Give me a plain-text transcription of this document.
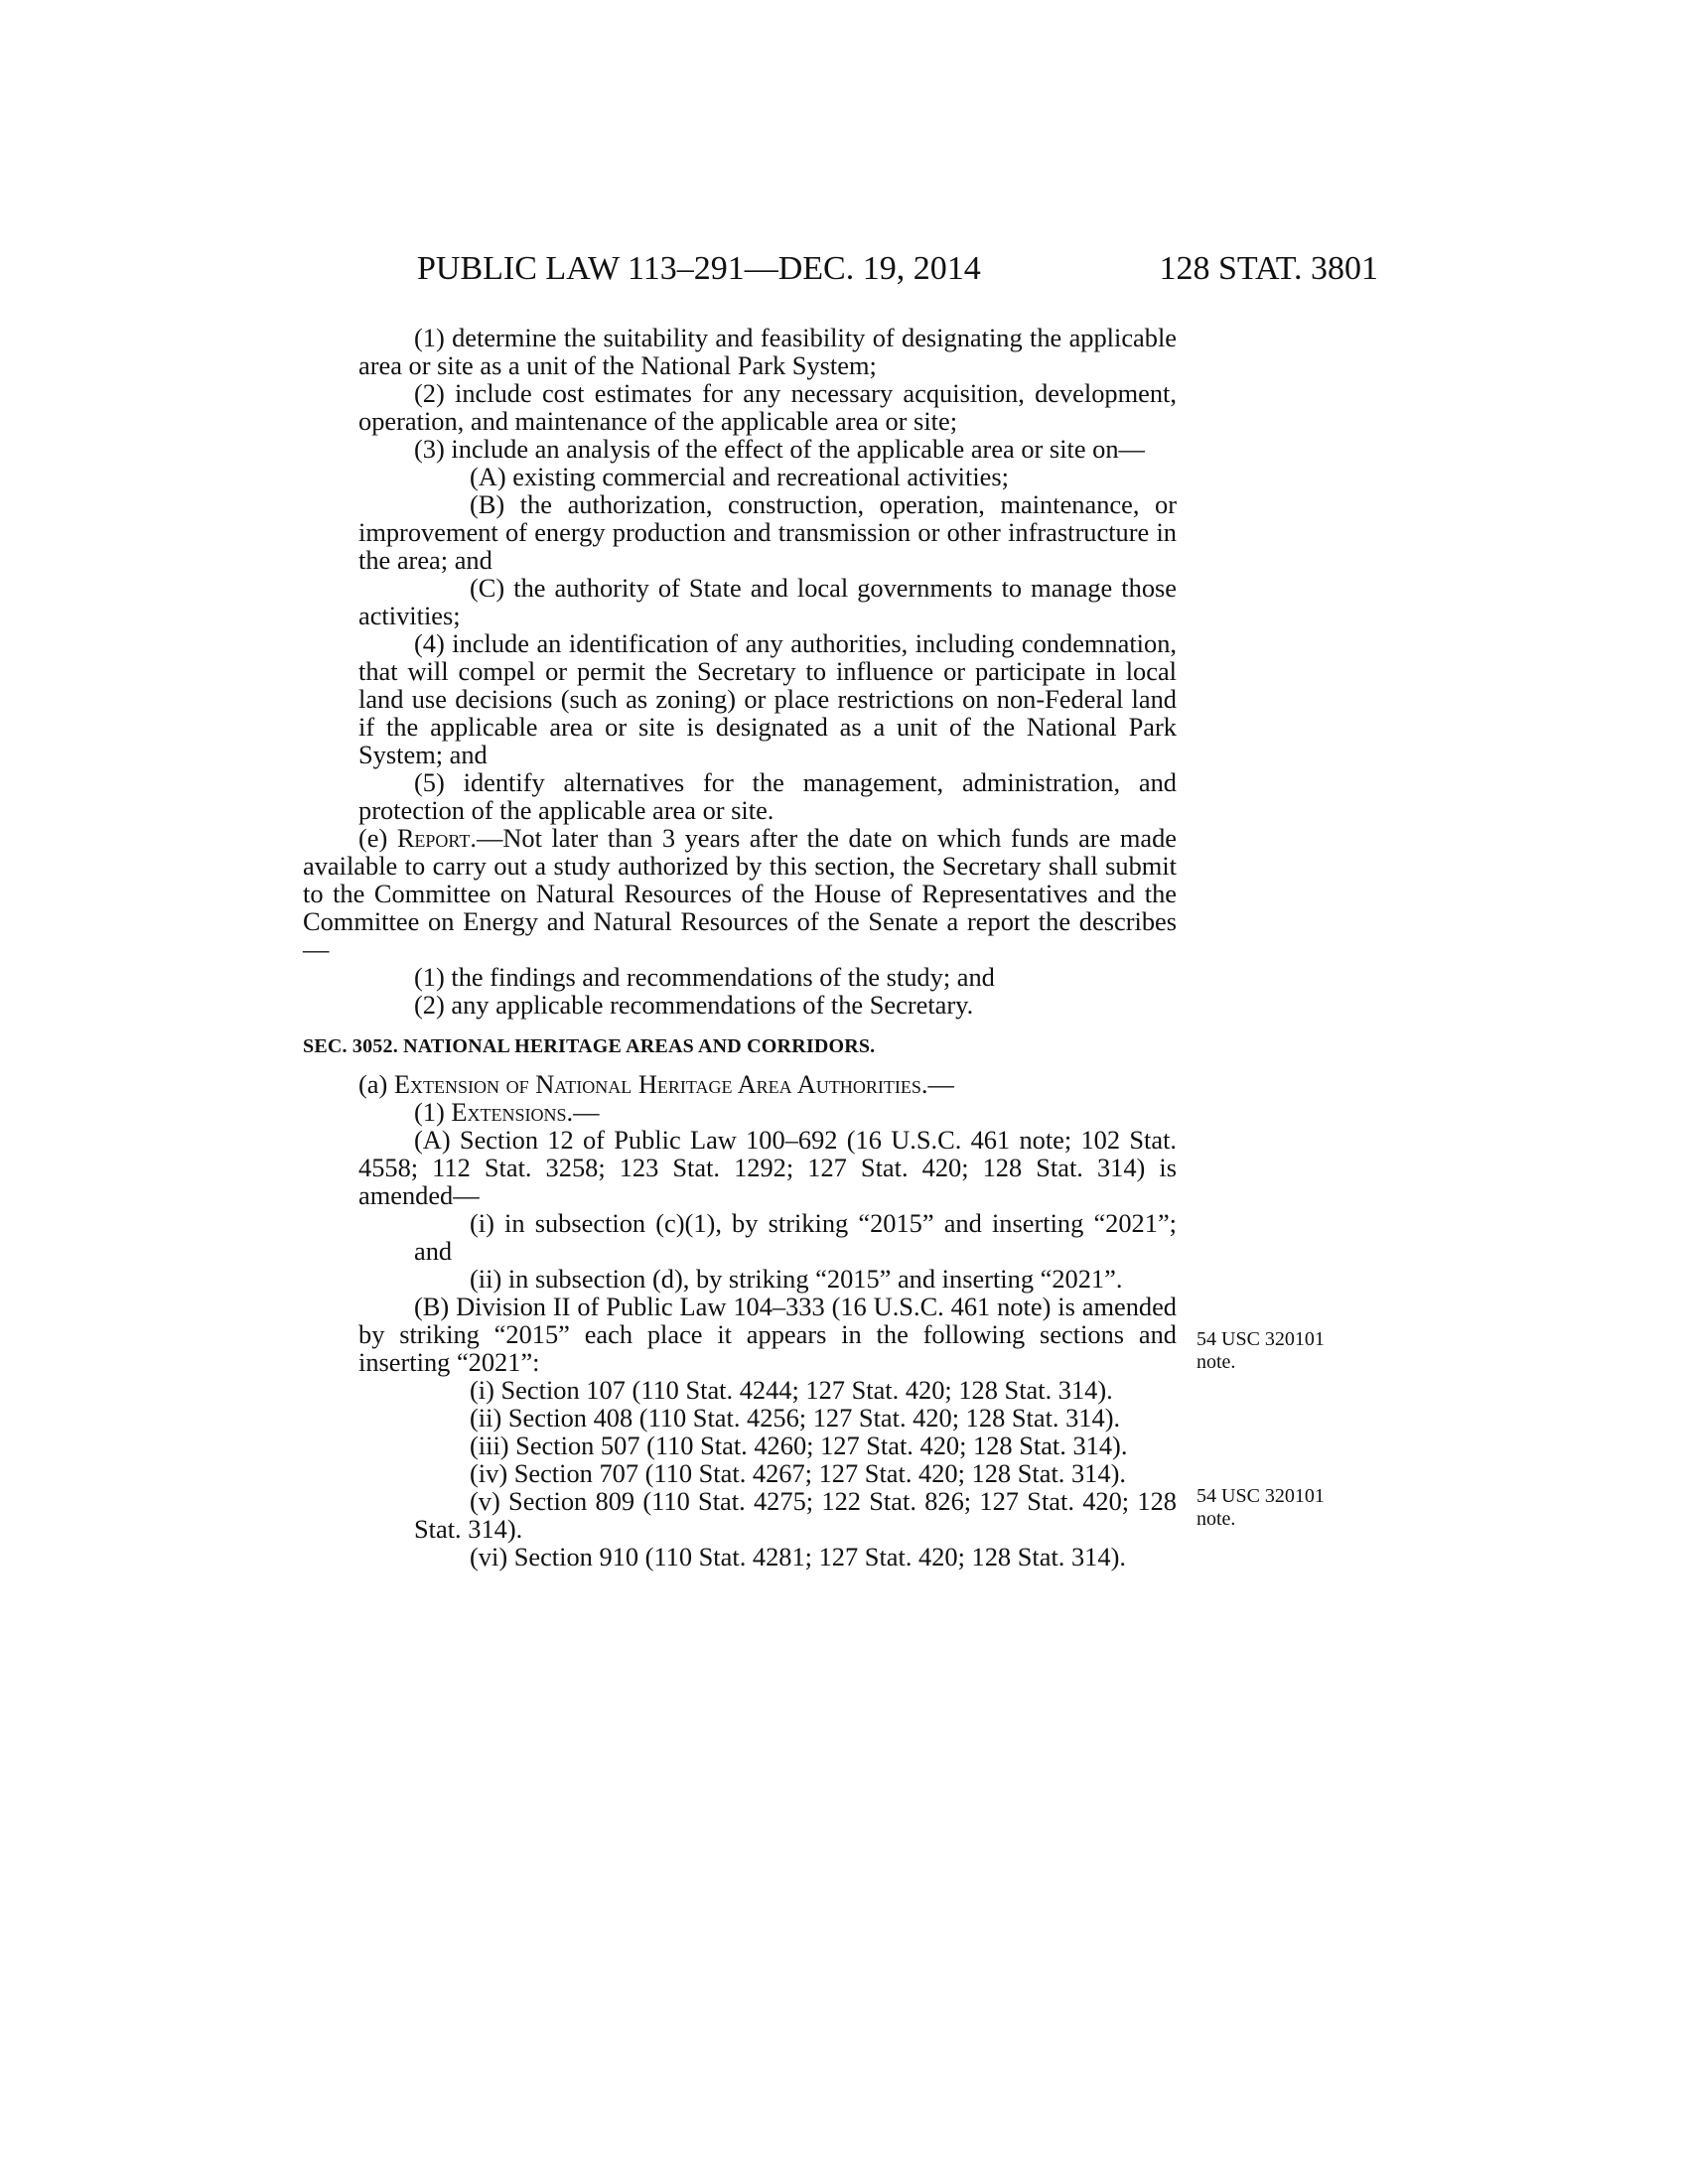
PUBLIC LAW 113–291—DEC. 19, 2014	128 STAT. 3801

(1) determine the suitability and feasibility of designating the applicable area or site as a unit of the National Park System;

(2) include cost estimates for any necessary acquisition, development, operation, and maintenance of the applicable area or site;

(3) include an analysis of the effect of the applicable area or site on—

(A) existing commercial and recreational activities;

(B) the authorization, construction, operation, maintenance, or improvement of energy production and transmission or other infrastructure in the area; and

(C) the authority of State and local governments to manage those activities;

(4) include an identification of any authorities, including condemnation, that will compel or permit the Secretary to influence or participate in local land use decisions (such as zoning) or place restrictions on non-Federal land if the applicable area or site is designated as a unit of the National Park System; and

(5) identify alternatives for the management, administration, and protection of the applicable area or site.

(e) Report.—Not later than 3 years after the date on which funds are made available to carry out a study authorized by this section, the Secretary shall submit to the Committee on Natural Resources of the House of Representatives and the Committee on Energy and Natural Resources of the Senate a report the describes—

(1) the findings and recommendations of the study; and

(2) any applicable recommendations of the Secretary.

SEC. 3052. NATIONAL HERITAGE AREAS AND CORRIDORS.

(a) Extension of National Heritage Area Authorities.—

(1) Extensions.—

(A) Section 12 of Public Law 100–692 (16 U.S.C. 461 note; 102 Stat. 4558; 112 Stat. 3258; 123 Stat. 1292; 127 Stat. 420; 128 Stat. 314) is amended—

(i) in subsection (c)(1), by striking “2015” and inserting “2021”; and

(ii) in subsection (d), by striking “2015” and inserting “2021”.

(B) Division II of Public Law 104–333 (16 U.S.C. 461 note) is amended by striking “2015” each place it appears in the following sections and inserting “2021”:

(i) Section 107 (110 Stat. 4244; 127 Stat. 420; 128 Stat. 314).

(ii) Section 408 (110 Stat. 4256; 127 Stat. 420; 128 Stat. 314).

(iii) Section 507 (110 Stat. 4260; 127 Stat. 420; 128 Stat. 314).

(iv) Section 707 (110 Stat. 4267; 127 Stat. 420; 128 Stat. 314).

(v) Section 809 (110 Stat. 4275; 122 Stat. 826; 127 Stat. 420; 128 Stat. 314).

(vi) Section 910 (110 Stat. 4281; 127 Stat. 420; 128 Stat. 314).

54 USC 320101
note.
54 USC 320101
note.
